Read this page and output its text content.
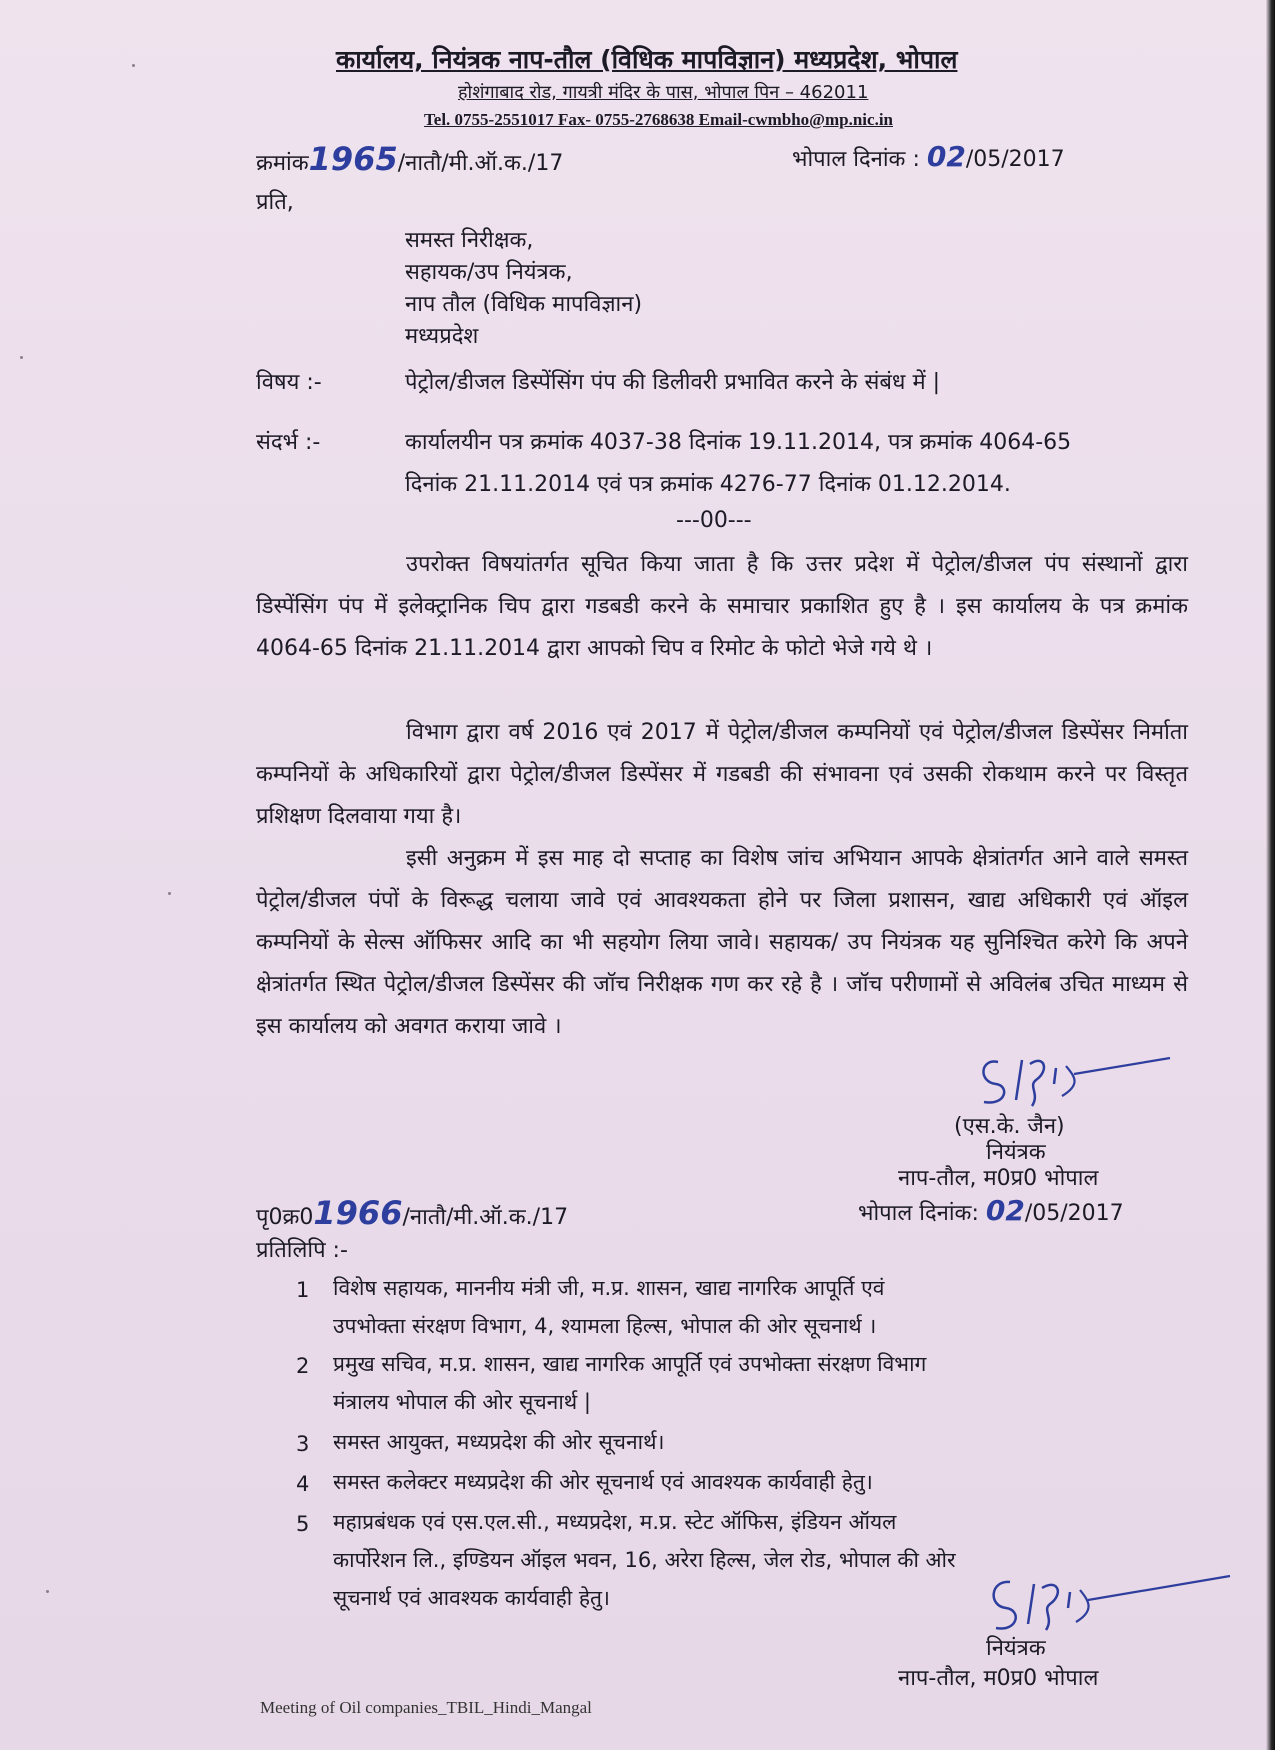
कार्यालय, नियंत्रक नाप-तौल (विधिक मापविज्ञान) मध्यप्रदेश, भोपाल
होशंगाबाद रोड, गायत्री मंदिर के पास, भोपाल पिन – 462011
Tel. 0755-2551017 Fax- 0755-2768638 Email-cwmbho@mp.nic.in
क्रमांक1965/नातौ/मी.ऑ.क./17	भोपाल दिनांक : 02/05/2017
प्रति,
समस्त निरीक्षक,
सहायक/उप नियंत्रक,
नाप तौल (विधिक मापविज्ञान)
मध्यप्रदेश
विषय :-	पेट्रोल/डीजल डिस्पेंसिंग पंप की डिलीवरी प्रभावित करने के संबंध में |
संदर्भ :-	कार्यालयीन पत्र क्रमांक 4037-38 दिनांक 19.11.2014, पत्र क्रमांक 4064-65
दिनांक 21.11.2014 एवं पत्र क्रमांक 4276-77 दिनांक 01.12.2014.
---00---
उपरोक्त विषयांतर्गत सूचित किया जाता है कि उत्तर प्रदेश में पेट्रोल/डीजल पंप संस्थानों द्वारा डिस्पेंसिंग पंप में इलेक्ट्रानिक चिप द्वारा गडबडी करने के समाचार प्रकाशित हुए है । इस कार्यालय के पत्र क्रमांक 4064-65 दिनांक 21.11.2014 द्वारा आपको चिप व रिमोट के फोटो भेजे गये थे ।
विभाग द्वारा वर्ष 2016 एवं 2017 में पेट्रोल/डीजल कम्पनियों एवं पेट्रोल/डीजल डिस्पेंसर निर्माता कम्पनियों के अधिकारियों द्वारा पेट्रोल/डीजल डिस्पेंसर में गडबडी की संभावना एवं उसकी रोकथाम करने पर विस्तृत प्रशिक्षण दिलवाया गया है।
इसी अनुक्रम में इस माह दो सप्ताह का विशेष जांच अभियान आपके क्षेत्रांतर्गत आने वाले समस्त पेट्रोल/डीजल पंपों के विरूद्ध चलाया जावे एवं आवश्यकता होने पर जिला प्रशासन, खाद्य अधिकारी एवं ऑइल कम्पनियों के सेल्स ऑफिसर आदि का भी सहयोग लिया जावे। सहायक/ उप नियंत्रक यह सुनिश्चित करेगे कि अपने क्षेत्रांतर्गत स्थित पेट्रोल/डीजल डिस्पेंसर की जॉच निरीक्षक गण कर रहे है । जॉच परीणामों से अविलंब उचित माध्यम से इस कार्यालय को अवगत कराया जावे ।
(एस.के. जैन)
नियंत्रक
नाप-तौल, म0प्र0 भोपाल
पृ0क्र01966/नातौ/मी.ऑ.क./17	भोपाल दिनांक: 02/05/2017
प्रतिलिपि :-
1 विशेष सहायक, माननीय मंत्री जी, म.प्र. शासन, खाद्य नागरिक आपूर्ति एवं
उपभोक्ता संरक्षण विभाग, 4, श्यामला हिल्स, भोपाल की ओर सूचनार्थ ।
2 प्रमुख सचिव, म.प्र. शासन, खाद्य नागरिक आपूर्ति एवं उपभोक्ता संरक्षण विभाग
मंत्रालय भोपाल की ओर सूचनार्थ |
3 समस्त आयुक्त, मध्यप्रदेश की ओर सूचनार्थ।
4 समस्त कलेक्टर मध्यप्रदेश की ओर सूचनार्थ एवं आवश्यक कार्यवाही हेतु।
5 महाप्रबंधक एवं एस.एल.सी., मध्यप्रदेश, म.प्र. स्टेट ऑफिस, इंडियन ऑयल
कार्पोरेशन लि., इण्डियन ऑइल भवन, 16, अरेरा हिल्स, जेल रोड, भोपाल की ओर
सूचनार्थ एवं आवश्यक कार्यवाही हेतु।
नियंत्रक
नाप-तौल, म0प्र0 भोपाल
Meeting of Oil companies_TBIL_Hindi_Mangal
